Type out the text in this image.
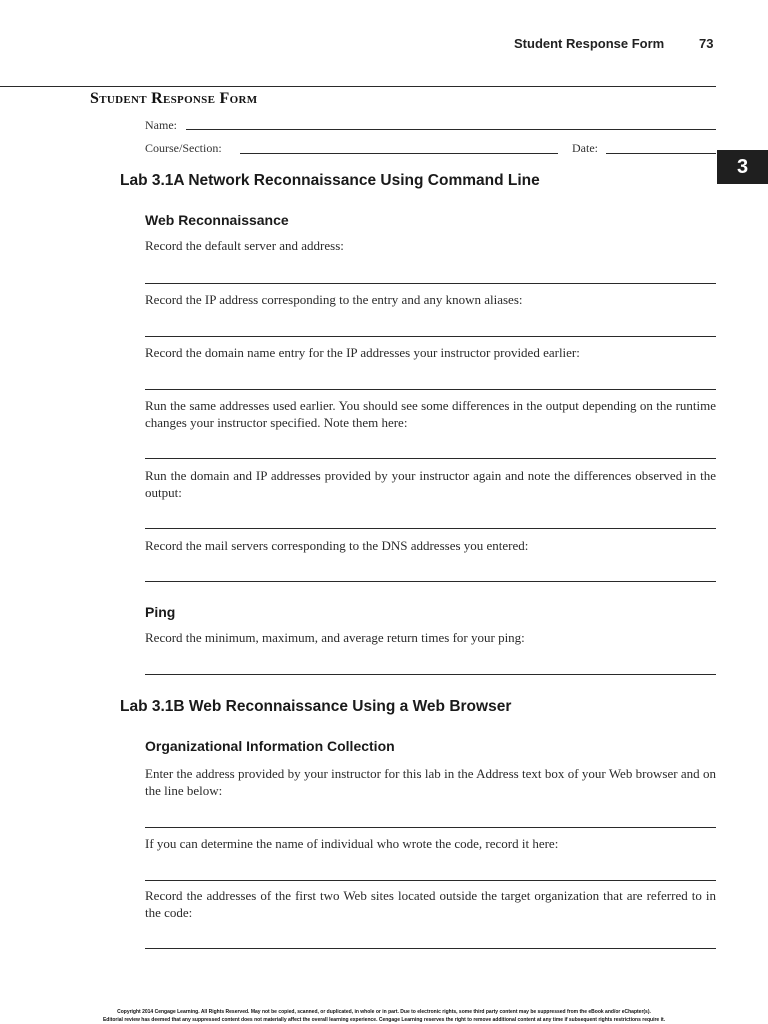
Student Response Form	73
Student Response Form
Name:
Course/Section:	Date:
3
Lab 3.1A Network Reconnaissance Using Command Line
Web Reconnaissance
Record the default server and address:
Record the IP address corresponding to the entry and any known aliases:
Record the domain name entry for the IP addresses your instructor provided earlier:
Run the same addresses used earlier. You should see some differences in the output depending on the runtime changes your instructor specified. Note them here:
Run the domain and IP addresses provided by your instructor again and note the differences observed in the output:
Record the mail servers corresponding to the DNS addresses you entered:
Ping
Record the minimum, maximum, and average return times for your ping:
Lab 3.1B Web Reconnaissance Using a Web Browser
Organizational Information Collection
Enter the address provided by your instructor for this lab in the Address text box of your Web browser and on the line below:
If you can determine the name of individual who wrote the code, record it here:
Record the addresses of the first two Web sites located outside the target organization that are referred to in the code:
Copyright 2014 Cengage Learning. All Rights Reserved. May not be copied, scanned, or duplicated, in whole or in part. Due to electronic rights, some third party content may be suppressed from the eBook and/or eChapter(s).
Editorial review has deemed that any suppressed content does not materially affect the overall learning experience. Cengage Learning reserves the right to remove additional content at any time if subsequent rights restrictions require it.
